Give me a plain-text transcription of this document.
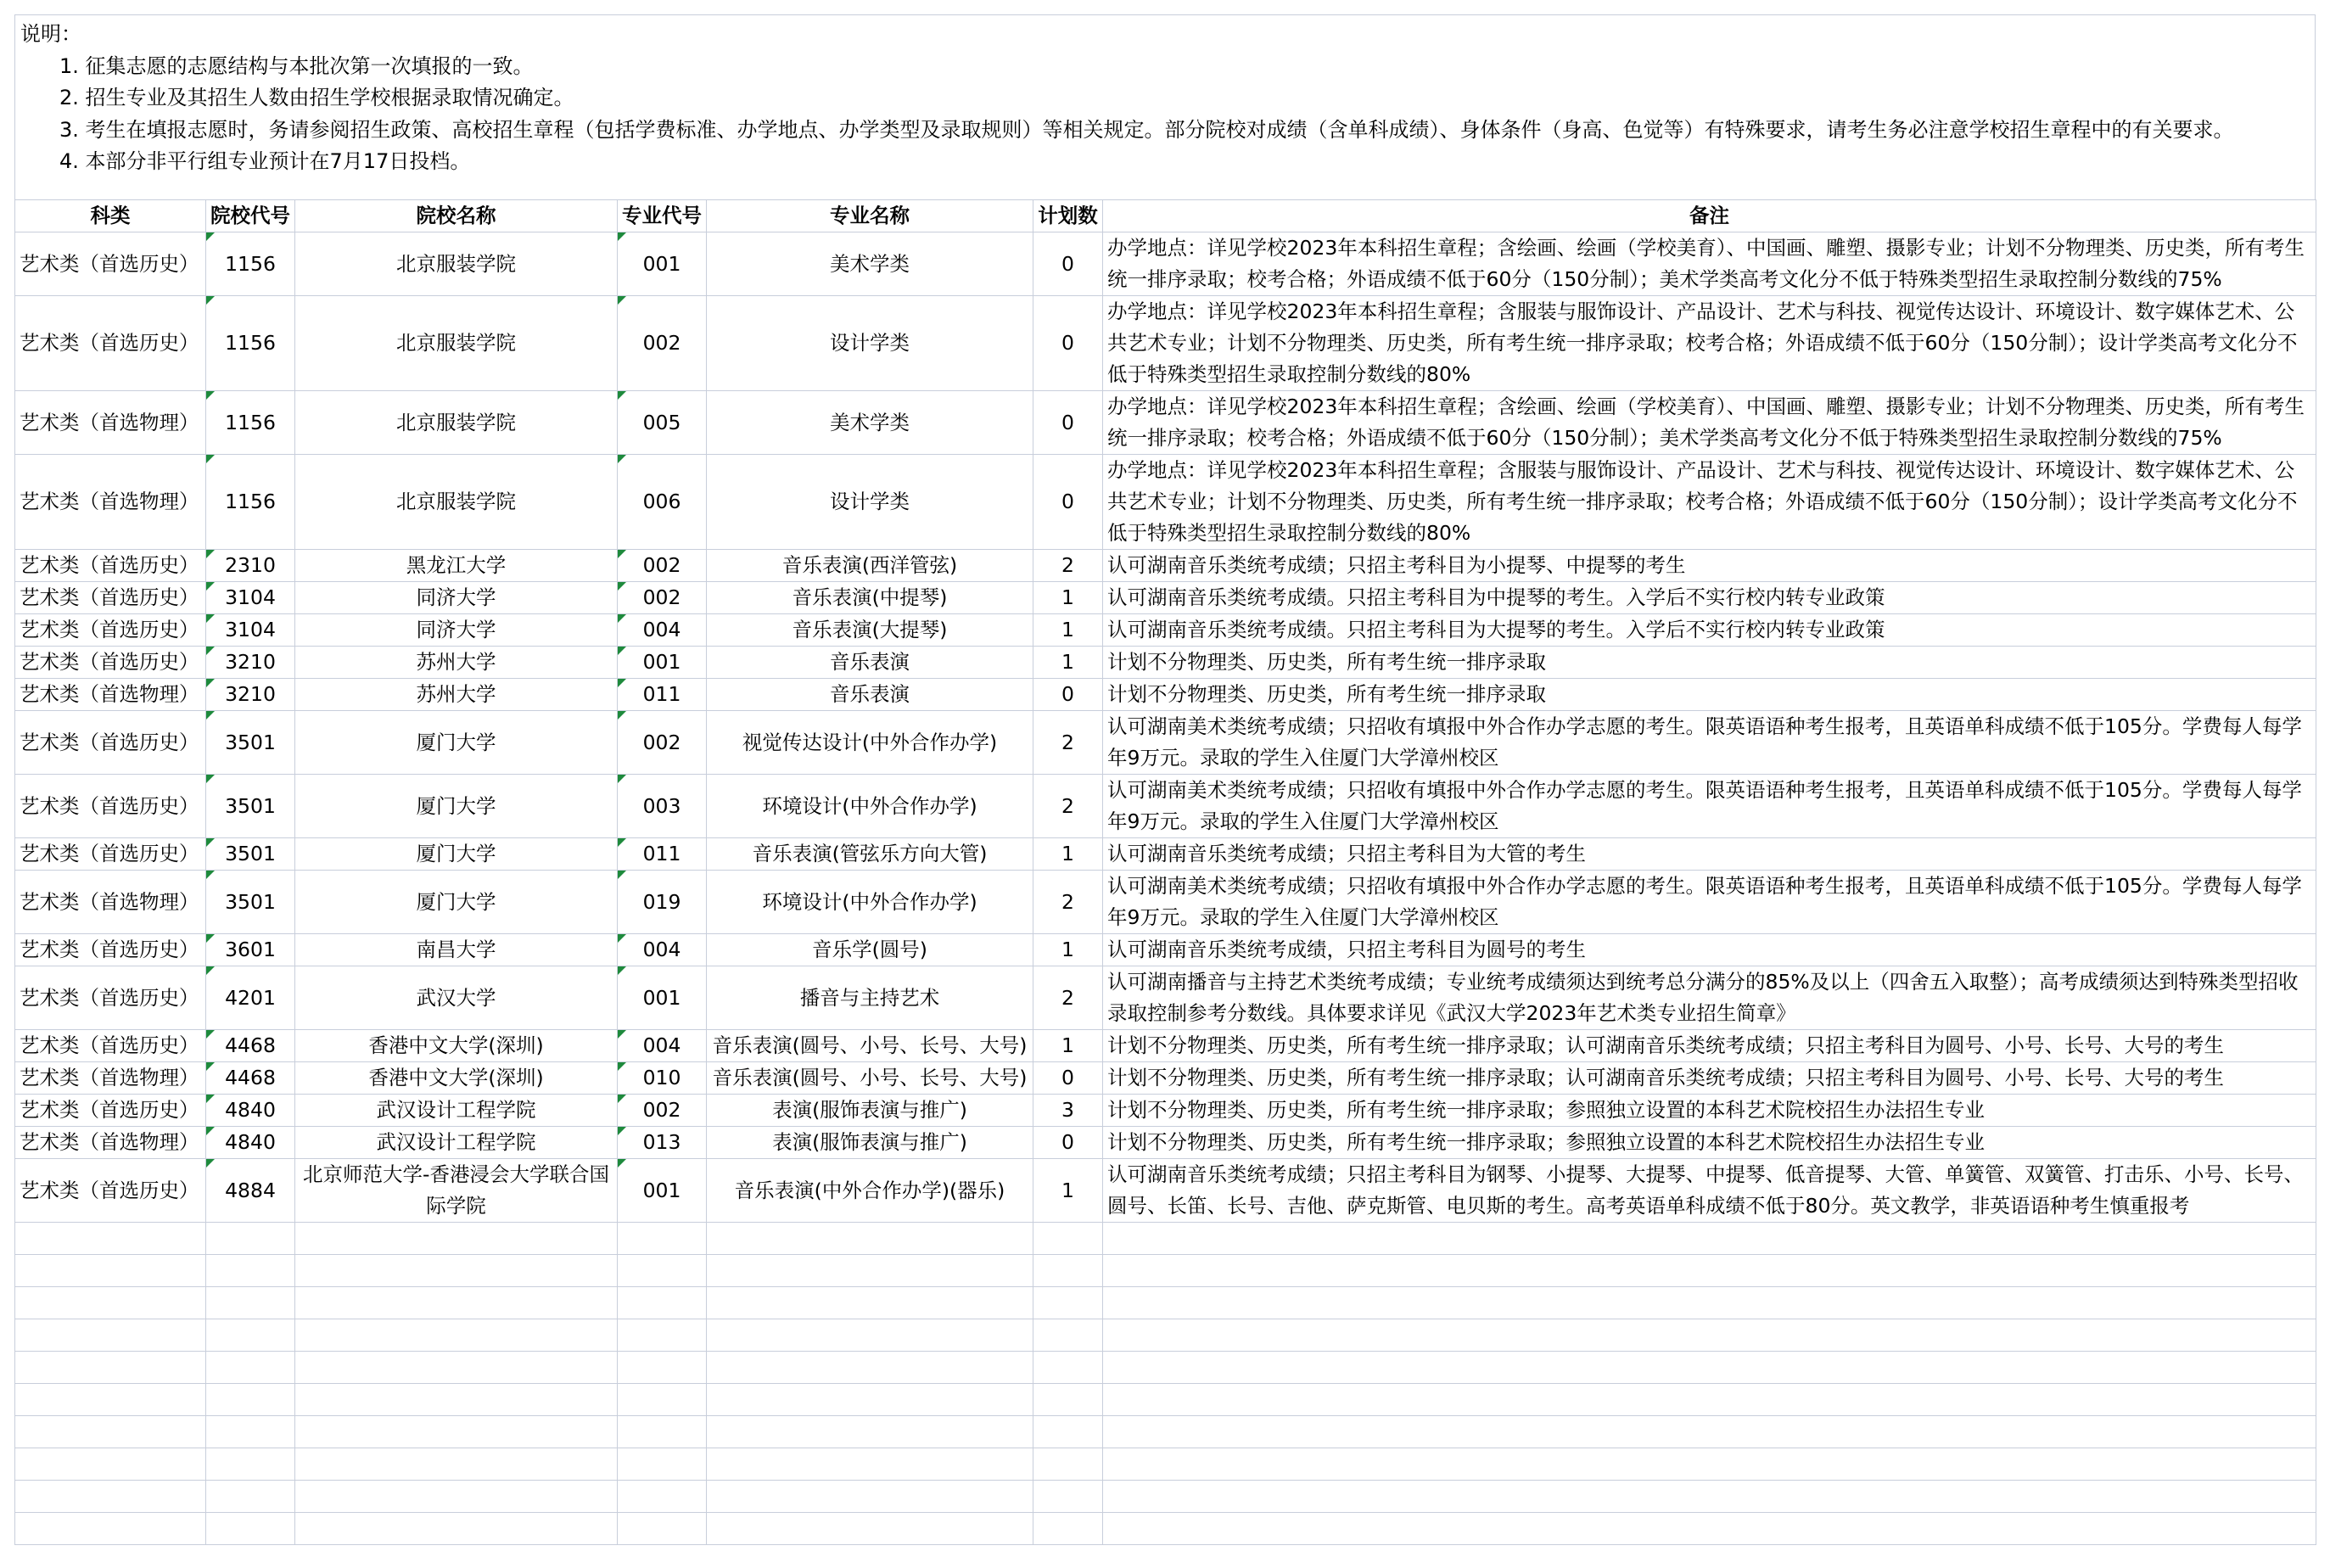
说明：
1. 征集志愿的志愿结构与本批次第一次填报的一致。
2. 招生专业及其招生人数由招生学校根据录取情况确定。
3. 考生在填报志愿时，务请参阅招生政策、高校招生章程（包括学费标准、办学地点、办学类型及录取规则）等相关规定。部分院校对成绩（含单科成绩）、身体条件（身高、色觉等）有特殊要求，请考生务必注意学校招生章程中的有关要求。
4. 本部分非平行组专业预计在7月17日投档。
科类	院校代号	院校名称	专业代号	专业名称	计划数	备注
艺术类（首选历史）	1156	北京服装学院	001	美术学类	0	办学地点：详见学校2023年本科招生章程；含绘画、绘画（学校美育）、中国画、雕塑、摄影专业；计划不分物理类、历史类，所有考生统一排序录取；校考合格；外语成绩不低于60分（150分制）；美术学类高考文化分不低于特殊类型招生录取控制分数线的75%
艺术类（首选历史）	1156	北京服装学院	002	设计学类	0	办学地点：详见学校2023年本科招生章程；含服装与服饰设计、产品设计、艺术与科技、视觉传达设计、环境设计、数字媒体艺术、公共艺术专业；计划不分物理类、历史类，所有考生统一排序录取；校考合格；外语成绩不低于60分（150分制）；设计学类高考文化分不低于特殊类型招生录取控制分数线的80%
艺术类（首选物理）	1156	北京服装学院	005	美术学类	0	办学地点：详见学校2023年本科招生章程；含绘画、绘画（学校美育）、中国画、雕塑、摄影专业；计划不分物理类、历史类，所有考生统一排序录取；校考合格；外语成绩不低于60分（150分制）；美术学类高考文化分不低于特殊类型招生录取控制分数线的75%
艺术类（首选物理）	1156	北京服装学院	006	设计学类	0	办学地点：详见学校2023年本科招生章程；含服装与服饰设计、产品设计、艺术与科技、视觉传达设计、环境设计、数字媒体艺术、公共艺术专业；计划不分物理类、历史类，所有考生统一排序录取；校考合格；外语成绩不低于60分（150分制）；设计学类高考文化分不低于特殊类型招生录取控制分数线的80%
艺术类（首选历史）	2310	黑龙江大学	002	音乐表演(西洋管弦)	2	认可湖南音乐类统考成绩；只招主考科目为小提琴、中提琴的考生
艺术类（首选历史）	3104	同济大学	002	音乐表演(中提琴)	1	认可湖南音乐类统考成绩。只招主考科目为中提琴的考生。入学后不实行校内转专业政策
艺术类（首选历史）	3104	同济大学	004	音乐表演(大提琴)	1	认可湖南音乐类统考成绩。只招主考科目为大提琴的考生。入学后不实行校内转专业政策
艺术类（首选历史）	3210	苏州大学	001	音乐表演	1	计划不分物理类、历史类，所有考生统一排序录取
艺术类（首选物理）	3210	苏州大学	011	音乐表演	0	计划不分物理类、历史类，所有考生统一排序录取
艺术类（首选历史）	3501	厦门大学	002	视觉传达设计(中外合作办学)	2	认可湖南美术类统考成绩；只招收有填报中外合作办学志愿的考生。限英语语种考生报考，且英语单科成绩不低于105分。学费每人每学年9万元。录取的学生入住厦门大学漳州校区
艺术类（首选历史）	3501	厦门大学	003	环境设计(中外合作办学)	2	认可湖南美术类统考成绩；只招收有填报中外合作办学志愿的考生。限英语语种考生报考，且英语单科成绩不低于105分。学费每人每学年9万元。录取的学生入住厦门大学漳州校区
艺术类（首选历史）	3501	厦门大学	011	音乐表演(管弦乐方向大管)	1	认可湖南音乐类统考成绩；只招主考科目为大管的考生
艺术类（首选物理）	3501	厦门大学	019	环境设计(中外合作办学)	2	认可湖南美术类统考成绩；只招收有填报中外合作办学志愿的考生。限英语语种考生报考，且英语单科成绩不低于105分。学费每人每学年9万元。录取的学生入住厦门大学漳州校区
艺术类（首选历史）	3601	南昌大学	004	音乐学(圆号)	1	认可湖南音乐类统考成绩，只招主考科目为圆号的考生
艺术类（首选历史）	4201	武汉大学	001	播音与主持艺术	2	认可湖南播音与主持艺术类统考成绩；专业统考成绩须达到统考总分满分的85%及以上（四舍五入取整）；高考成绩须达到特殊类型招收录取控制参考分数线。具体要求详见《武汉大学2023年艺术类专业招生简章》
艺术类（首选历史）	4468	香港中文大学(深圳)	004	音乐表演(圆号、小号、长号、大号)	1	计划不分物理类、历史类，所有考生统一排序录取；认可湖南音乐类统考成绩；只招主考科目为圆号、小号、长号、大号的考生
艺术类（首选物理）	4468	香港中文大学(深圳)	010	音乐表演(圆号、小号、长号、大号)	0	计划不分物理类、历史类，所有考生统一排序录取；认可湖南音乐类统考成绩；只招主考科目为圆号、小号、长号、大号的考生
艺术类（首选历史）	4840	武汉设计工程学院	002	表演(服饰表演与推广)	3	计划不分物理类、历史类，所有考生统一排序录取；参照独立设置的本科艺术院校招生办法招生专业
艺术类（首选物理）	4840	武汉设计工程学院	013	表演(服饰表演与推广)	0	计划不分物理类、历史类，所有考生统一排序录取；参照独立设置的本科艺术院校招生办法招生专业
艺术类（首选历史）	4884	北京师范大学-香港浸会大学联合国际学院	001	音乐表演(中外合作办学)(器乐)	1	认可湖南音乐类统考成绩；只招主考科目为钢琴、小提琴、大提琴、中提琴、低音提琴、大管、单簧管、双簧管、打击乐、小号、长号、圆号、长笛、长号、吉他、萨克斯管、电贝斯的考生。高考英语单科成绩不低于80分。英文教学，非英语语种考生慎重报考
